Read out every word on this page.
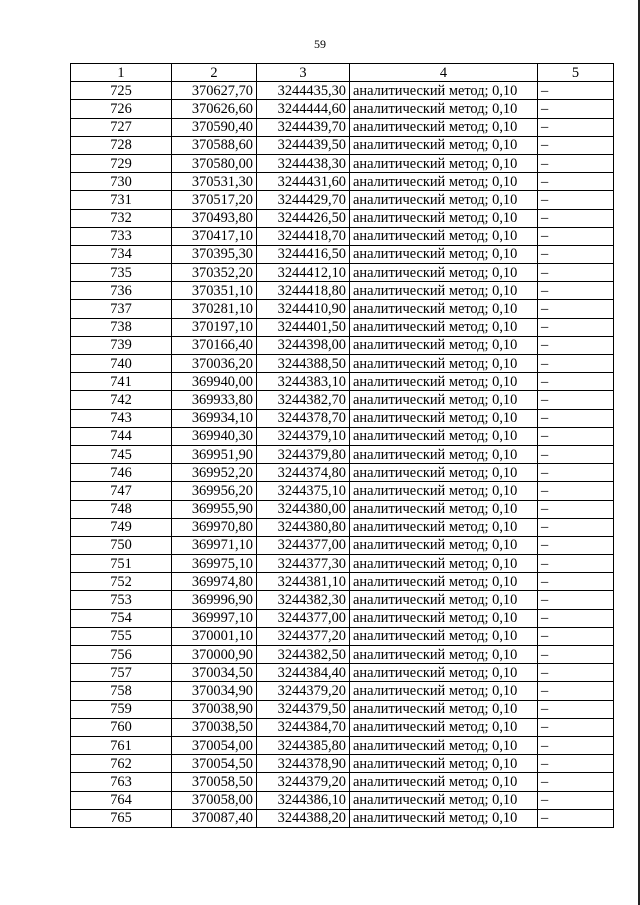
59
1	2	3	4	5
725	370627,70	3244435,30	аналитический метод; 0,10	–
726	370626,60	3244444,60	аналитический метод; 0,10	–
727	370590,40	3244439,70	аналитический метод; 0,10	–
728	370588,60	3244439,50	аналитический метод; 0,10	–
729	370580,00	3244438,30	аналитический метод; 0,10	–
730	370531,30	3244431,60	аналитический метод; 0,10	–
731	370517,20	3244429,70	аналитический метод; 0,10	–
732	370493,80	3244426,50	аналитический метод; 0,10	–
733	370417,10	3244418,70	аналитический метод; 0,10	–
734	370395,30	3244416,50	аналитический метод; 0,10	–
735	370352,20	3244412,10	аналитический метод; 0,10	–
736	370351,10	3244418,80	аналитический метод; 0,10	–
737	370281,10	3244410,90	аналитический метод; 0,10	–
738	370197,10	3244401,50	аналитический метод; 0,10	–
739	370166,40	3244398,00	аналитический метод; 0,10	–
740	370036,20	3244388,50	аналитический метод; 0,10	–
741	369940,00	3244383,10	аналитический метод; 0,10	–
742	369933,80	3244382,70	аналитический метод; 0,10	–
743	369934,10	3244378,70	аналитический метод; 0,10	–
744	369940,30	3244379,10	аналитический метод; 0,10	–
745	369951,90	3244379,80	аналитический метод; 0,10	–
746	369952,20	3244374,80	аналитический метод; 0,10	–
747	369956,20	3244375,10	аналитический метод; 0,10	–
748	369955,90	3244380,00	аналитический метод; 0,10	–
749	369970,80	3244380,80	аналитический метод; 0,10	–
750	369971,10	3244377,00	аналитический метод; 0,10	–
751	369975,10	3244377,30	аналитический метод; 0,10	–
752	369974,80	3244381,10	аналитический метод; 0,10	–
753	369996,90	3244382,30	аналитический метод; 0,10	–
754	369997,10	3244377,00	аналитический метод; 0,10	–
755	370001,10	3244377,20	аналитический метод; 0,10	–
756	370000,90	3244382,50	аналитический метод; 0,10	–
757	370034,50	3244384,40	аналитический метод; 0,10	–
758	370034,90	3244379,20	аналитический метод; 0,10	–
759	370038,90	3244379,50	аналитический метод; 0,10	–
760	370038,50	3244384,70	аналитический метод; 0,10	–
761	370054,00	3244385,80	аналитический метод; 0,10	–
762	370054,50	3244378,90	аналитический метод; 0,10	–
763	370058,50	3244379,20	аналитический метод; 0,10	–
764	370058,00	3244386,10	аналитический метод; 0,10	–
765	370087,40	3244388,20	аналитический метод; 0,10	–
